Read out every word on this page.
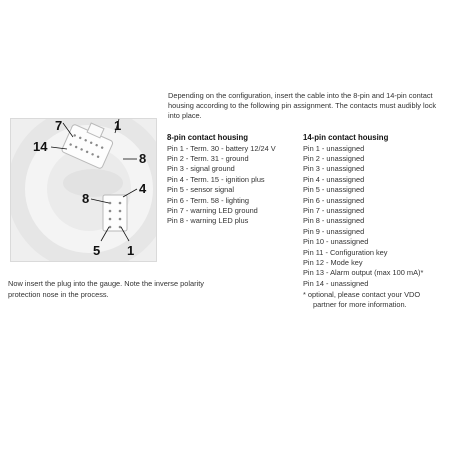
7	1
14
8
8
4
5 1
Now insert the plug into the gauge. Note the inverse polarity protection nose in the process.
Depending on the configuration, insert the cable into the 8-pin and 14-pin contact housing according to the following pin assignment. The contacts must audibly lock into place.
8-pin contact housing
Pin 1 - Term. 30 - battery 12/24 V
Pin 2 - Term. 31 - ground
Pin 3 - signal ground
Pin 4 - Term. 15 - ignition plus
Pin 5 - sensor signal
Pin 6 - Term. 58 - lighting
Pin 7 - warning LED ground
Pin 8 - warning LED plus
14-pin contact housing
Pin 1 - unassigned
Pin 2 - unassigned
Pin 3 - unassigned
Pin 4 - unassigned
Pin 5 - unassigned
Pin 6 - unassigned
Pin 7 - unassigned
Pin 8 - unassigned
Pin 9 - unassigned
Pin 10 - unassigned
Pin 11 - Configuration key
Pin 12 - Mode key
Pin 13 - Alarm output (max 100 mA)*
Pin 14 - unassigned
* optional, please contact your VDO
partner for more information.
